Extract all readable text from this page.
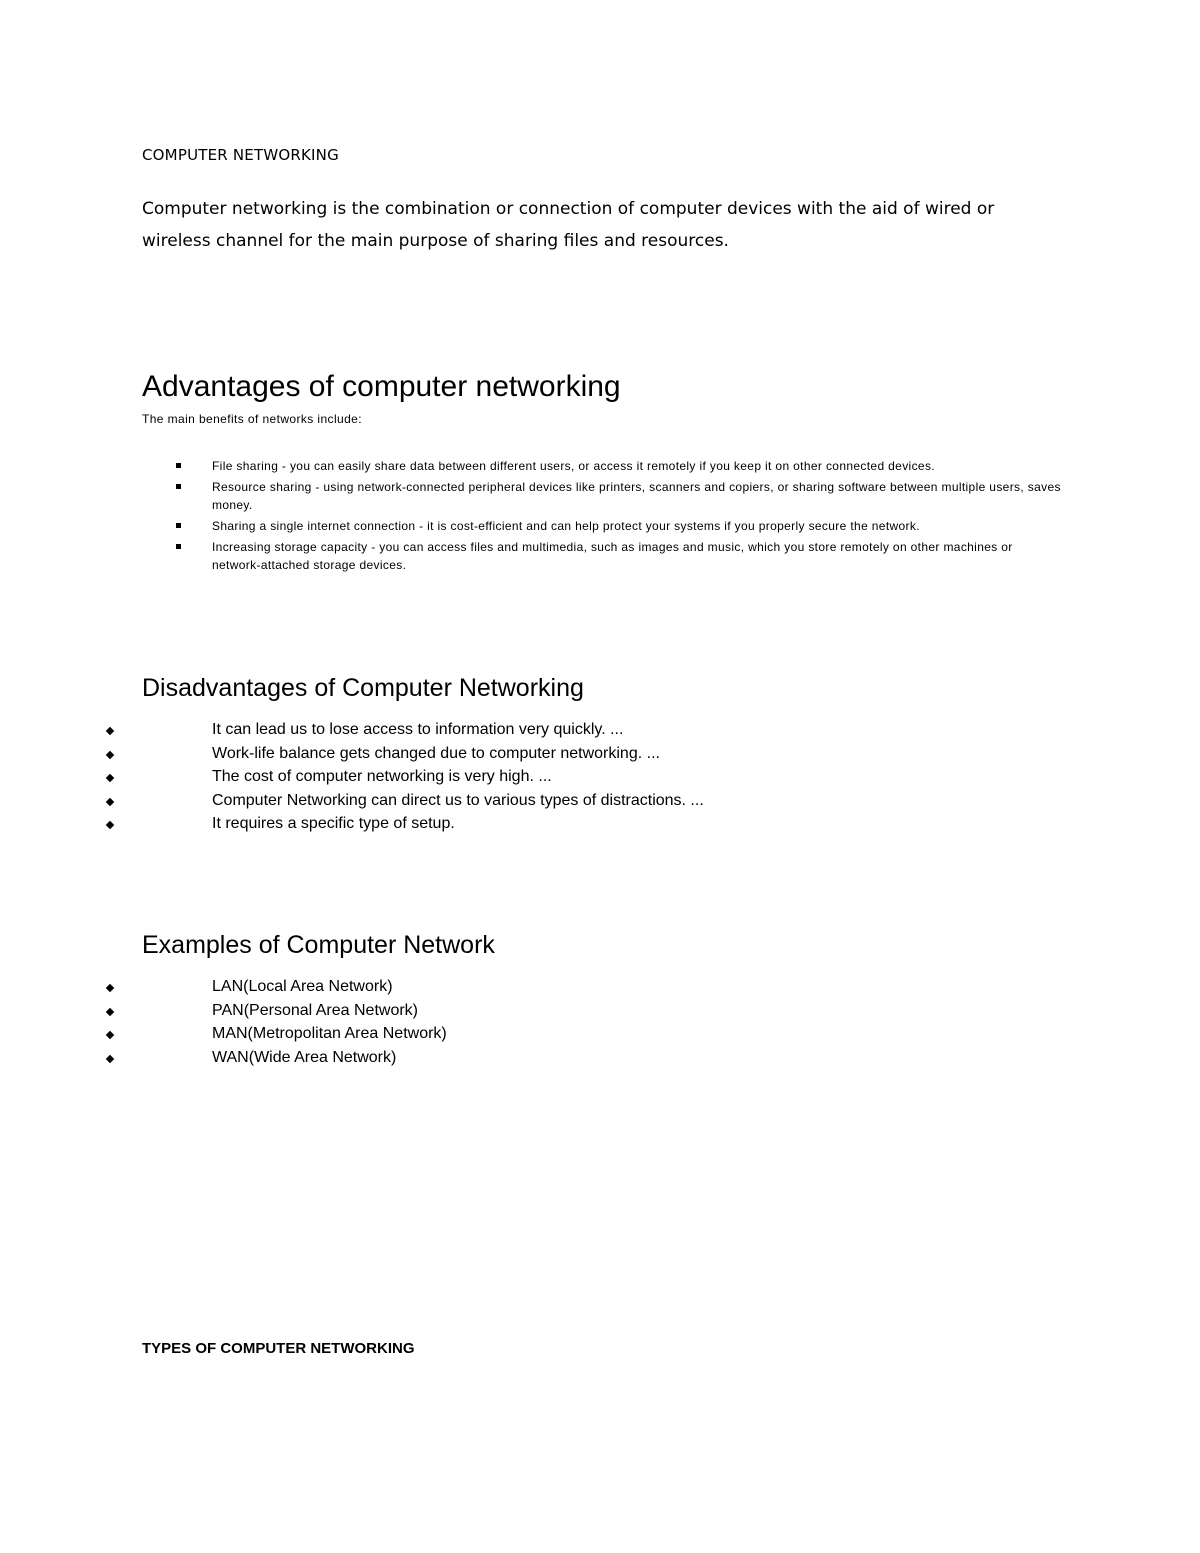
COMPUTER NETWORKING

Computer networking is the combination or connection of computer devices with the aid of wired or wireless channel for the main purpose of sharing files and resources.

Advantages of computer networking

The main benefits of networks include:

File sharing - you can easily share data between different users, or access it remotely if you keep it on other connected devices.
Resource sharing - using network-connected peripheral devices like printers, scanners and copiers, or sharing software between multiple users, saves money.
Sharing a single internet connection - it is cost-efficient and can help protect your systems if you properly secure the network.
Increasing storage capacity - you can access files and multimedia, such as images and music, which you store remotely on other machines or network-attached storage devices.
Disadvantages of Computer Networking
It can lead us to lose access to information very quickly. ...
Work-life balance gets changed due to computer networking. ...
The cost of computer networking is very high. ...
Computer Networking can direct us to various types of distractions. ...
It requires a specific type of setup.
Examples of Computer Network
LAN(Local Area Network)
PAN(Personal Area Network)
MAN(Metropolitan Area Network)
WAN(Wide Area Network)

TYPES OF COMPUTER NETWORKING
